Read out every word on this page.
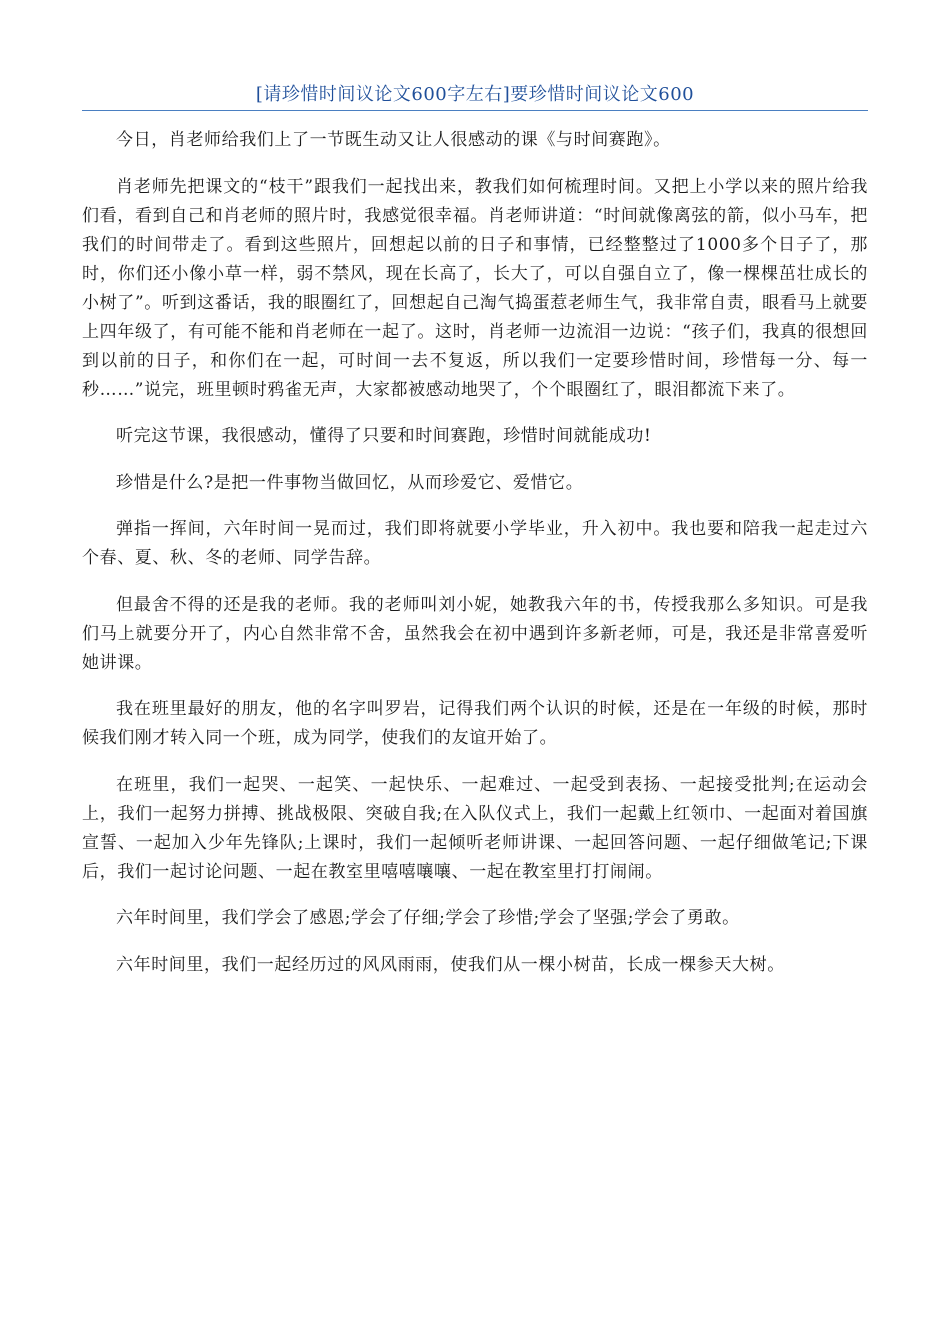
[请珍惜时间议论文600字左右]要珍惜时间议论文600

今日，肖老师给我们上了一节既生动又让人很感动的课《与时间赛跑》。

肖老师先把课文的“枝干”跟我们一起找出来，教我们如何梳理时间。又把上小学以来的照片给我们看，看到自己和肖老师的照片时，我感觉很幸福。肖老师讲道：“时间就像离弦的箭，似小马车，把我们的时间带走了。看到这些照片，回想起以前的日子和事情，已经整整过了1000多个日子了，那时，你们还小像小草一样，弱不禁风，现在长高了，长大了，可以自强自立了，像一棵棵茁壮成长的小树了”。听到这番话，我的眼圈红了，回想起自己淘气捣蛋惹老师生气，我非常自责，眼看马上就要上四年级了，有可能不能和肖老师在一起了。这时，肖老师一边流泪一边说：“孩子们，我真的很想回到以前的日子，和你们在一起，可时间一去不复返，所以我们一定要珍惜时间，珍惜每一分、每一秒……”说完，班里顿时鸦雀无声，大家都被感动地哭了，个个眼圈红了，眼泪都流下来了。

听完这节课，我很感动，懂得了只要和时间赛跑，珍惜时间就能成功!

珍惜是什么?是把一件事物当做回忆，从而珍爱它、爱惜它。

弹指一挥间，六年时间一晃而过，我们即将就要小学毕业，升入初中。我也要和陪我一起走过六个春、夏、秋、冬的老师、同学告辞。

但最舍不得的还是我的老师。我的老师叫刘小妮，她教我六年的书，传授我那么多知识。可是我们马上就要分开了，内心自然非常不舍，虽然我会在初中遇到许多新老师，可是，我还是非常喜爱听她讲课。

我在班里最好的朋友，他的名字叫罗岩，记得我们两个认识的时候，还是在一年级的时候，那时候我们刚才转入同一个班，成为同学，使我们的友谊开始了。

在班里，我们一起哭、一起笑、一起快乐、一起难过、一起受到表扬、一起接受批判;在运动会上，我们一起努力拼搏、挑战极限、突破自我;在入队仪式上，我们一起戴上红领巾、一起面对着国旗宣誓、一起加入少年先锋队;上课时，我们一起倾听老师讲课、一起回答问题、一起仔细做笔记;下课后，我们一起讨论问题、一起在教室里嘻嘻嚷嚷、一起在教室里打打闹闹。

六年时间里，我们学会了感恩;学会了仔细;学会了珍惜;学会了坚强;学会了勇敢。

六年时间里，我们一起经历过的风风雨雨，使我们从一棵小树苗，长成一棵参天大树。
